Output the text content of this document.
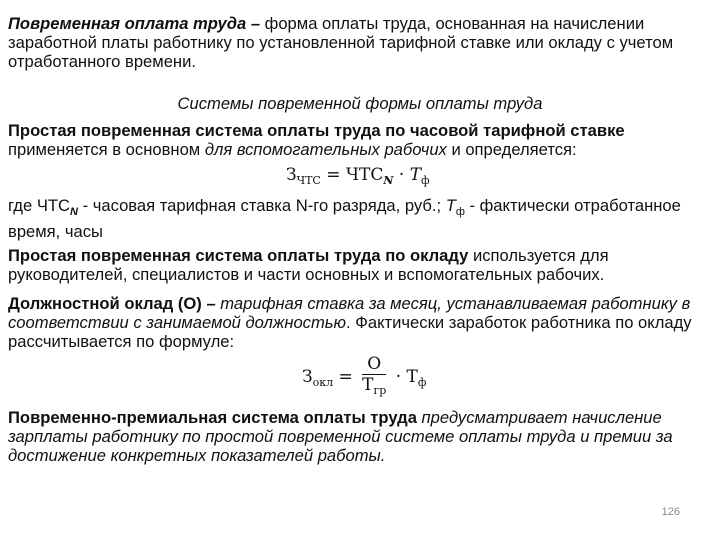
Повременная оплата труда – форма оплаты труда, основанная на начислении заработной платы работнику по установленной тарифной ставке или окладу с учетом отработанного времени.
Системы повременной формы оплаты труда
Простая повременная система оплаты труда по часовой тарифной ставке применяется в основном для вспомогательных рабочих и определяется:
$З_{ЧТС} = ЧТС_N \cdot T_ф$
где $ЧТС_N$ - часовая тарифная ставка N-го разряда, руб.; $T_ф$ - фактически отработанное время, часы
Простая повременная система оплаты труда по окладу используется для руководителей, специалистов и части основных и вспомогательных рабочих.
Должностной оклад (О) – тарифная ставка за месяц, устанавливаемая работнику в соответствии с занимаемой должностью. Фактически заработок работника по окладу рассчитывается по формуле:
$З_{окл} = \frac{О}{Т_{гр}} \cdot Т_ф$
Повременно-премиальная система оплаты труда предусматривает начисление зарплаты работнику по простой повременной системе оплаты труда и премии за достижение конкретных показателей работы.
126
